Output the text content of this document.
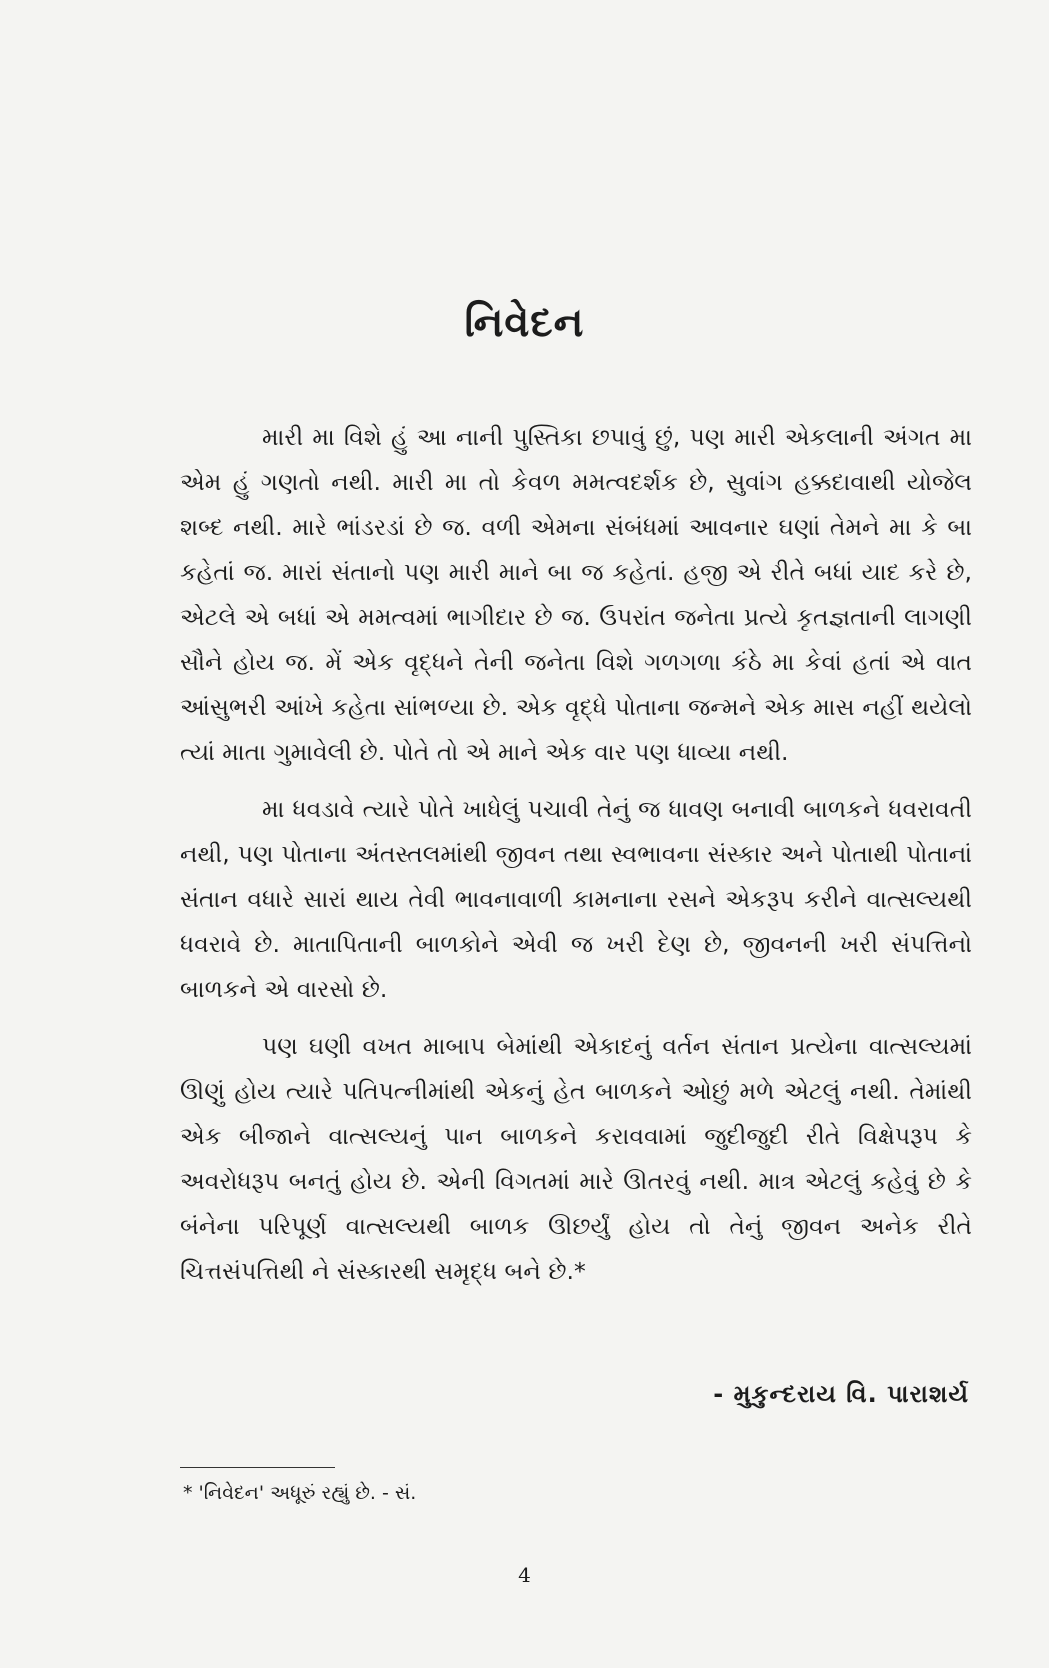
નિવેદન

મારી મા વિશે હું આ નાની પુસ્તિકા છપાવું છું, પણ મારી એકલાની અંગત મા એમ હું ગણતો નથી. મારી મા તો કેવળ મમત્વદર્શક છે, સુવાંગ હક્કદાવાથી યોજેલ શબ્દ નથી. મારે ભાંડરડાં છે જ. વળી એમના સંબંધમાં આવનાર ઘણાં તેમને મા કે બા કહેતાં જ. મારાં સંતાનો પણ મારી માને બા જ કહેતાં. હજી એ રીતે બધાં યાદ કરે છે, એટલે એ બધાં એ મમત્વમાં ભાગીદાર છે જ. ઉપરાંત જનેતા પ્રત્યે કૃતજ્ઞતાની લાગણી સૌને હોય જ. મેં એક વૃદ્ધને તેની જનેતા વિશે ગળગળા કંઠે મા કેવાં હતાં એ વાત આંસુભરી આંખે કહેતા સાંભળ્યા છે. એક વૃદ્ધે પોતાના જન્મને એક માસ નહીં થયેલો ત્યાં માતા ગુમાવેલી છે. પોતે તો એ માને એક વાર પણ ધાવ્યા નથી.

મા ધવડાવે ત્યારે પોતે ખાધેલું પચાવી તેનું જ ધાવણ બનાવી બાળકને ધવરાવતી નથી, પણ પોતાના અંતસ્તલમાંથી જીવન તથા સ્વભાવના સંસ્કાર અને પોતાથી પોતાનાં સંતાન વધારે સારાં થાય તેવી ભાવનાવાળી કામનાના રસને એકરૂપ કરીને વાત્સલ્યથી ધવરાવે છે. માતાપિતાની બાળકોને એવી જ ખરી દેણ છે, જીવનની ખરી સંપત્તિનો બાળકને એ વારસો છે.

પણ ઘણી વખત માબાપ બેમાંથી એકાદનું વર્તન સંતાન પ્રત્યેના વાત્સલ્યમાં ઊણું હોય ત્યારે પતિપત્નીમાંથી એકનું હેત બાળકને ઓછું મળે એટલું નથી. તેમાંથી એક બીજાને વાત્સલ્યનું પાન બાળકને કરાવવામાં જુદીજુદી રીતે વિક્ષેપરૂપ કે અવરોધરૂપ બનતું હોય છે. એની વિગતમાં મારે ઊતરવું નથી. માત્ર એટલું કહેવું છે કે બંનેના પરિપૂર્ણ વાત્સલ્યથી બાળક ઊછર્યું હોય તો તેનું જીવન અનેક રીતે ચિત્તસંપત્તિથી ને સંસ્કારથી સમૃદ્ધ બને છે.*

- મુકુન્દરાય વિ. પારાશર્ય
* 'નિવેદન' અધૂરું રહ્યું છે. - સં.
4
